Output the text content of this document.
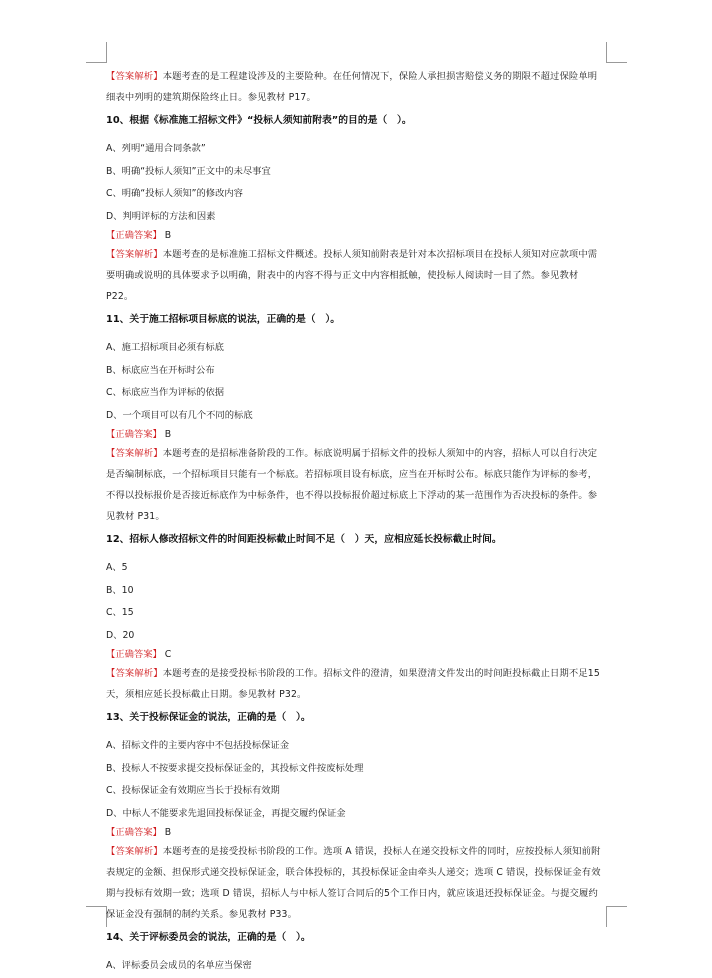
【答案解析】本题考查的是工程建设涉及的主要险种。在任何情况下，保险人承担损害赔偿义务的期限不超过保险单明细表中列明的建筑期保险终止日。参见教材 P17。

10、根据《标准施工招标文件》“投标人须知前附表”的目的是（　）。

A、列明“通用合同条款”

B、明确“投标人须知”正文中的未尽事宜

C、明确“投标人须知”的修改内容

D、判明评标的方法和因素

【正确答案】 B

【答案解析】本题考查的是标准施工招标文件概述。投标人须知前附表是针对本次招标项目在投标人须知对应款项中需要明确或说明的具体要求予以明确，附表中的内容不得与正文中内容相抵触，使投标人阅读时一目了然。参见教材 P22。

11、关于施工招标项目标底的说法，正确的是（　）。

A、施工招标项目必须有标底

B、标底应当在开标时公布

C、标底应当作为评标的依据

D、一个项目可以有几个不同的标底

【正确答案】 B

【答案解析】本题考查的是招标准备阶段的工作。标底说明属于招标文件的投标人须知中的内容，招标人可以自行决定是否编制标底，一个招标项目只能有一个标底。若招标项目设有标底，应当在开标时公布。标底只能作为评标的参考，不得以投标报价是否接近标底作为中标条件，也不得以投标报价超过标底上下浮动的某一范围作为否决投标的条件。参见教材 P31。

12、招标人修改招标文件的时间距投标截止时间不足（　）天，应相应延长投标截止时间。

A、5

B、10

C、15

D、20

【正确答案】 C

【答案解析】本题考查的是接受投标书阶段的工作。招标文件的澄清，如果澄清文件发出的时间距投标截止日期不足15天，须相应延长投标截止日期。参见教材 P32。

13、关于投标保证金的说法，正确的是（　）。

A、招标文件的主要内容中不包括投标保证金

B、投标人不按要求提交投标保证金的，其投标文件按废标处理

C、投标保证金有效期应当长于投标有效期

D、中标人不能要求先退回投标保证金，再提交履约保证金

【正确答案】 B

【答案解析】本题考查的是接受投标书阶段的工作。选项 A 错误，投标人在递交投标文件的同时，应按投标人须知前附表规定的金额、担保形式递交投标保证金，联合体投标的，其投标保证金由牵头人递交；选项 C 错误，投标保证金有效期与投标有效期一致；选项 D 错误，招标人与中标人签订合同后的5个工作日内，就应该退还投标保证金。与提交履约保证金没有强制的制约关系。参见教材 P33。

14、关于评标委员会的说法，正确的是（　）。

A、评标委员会成员的名单应当保密
